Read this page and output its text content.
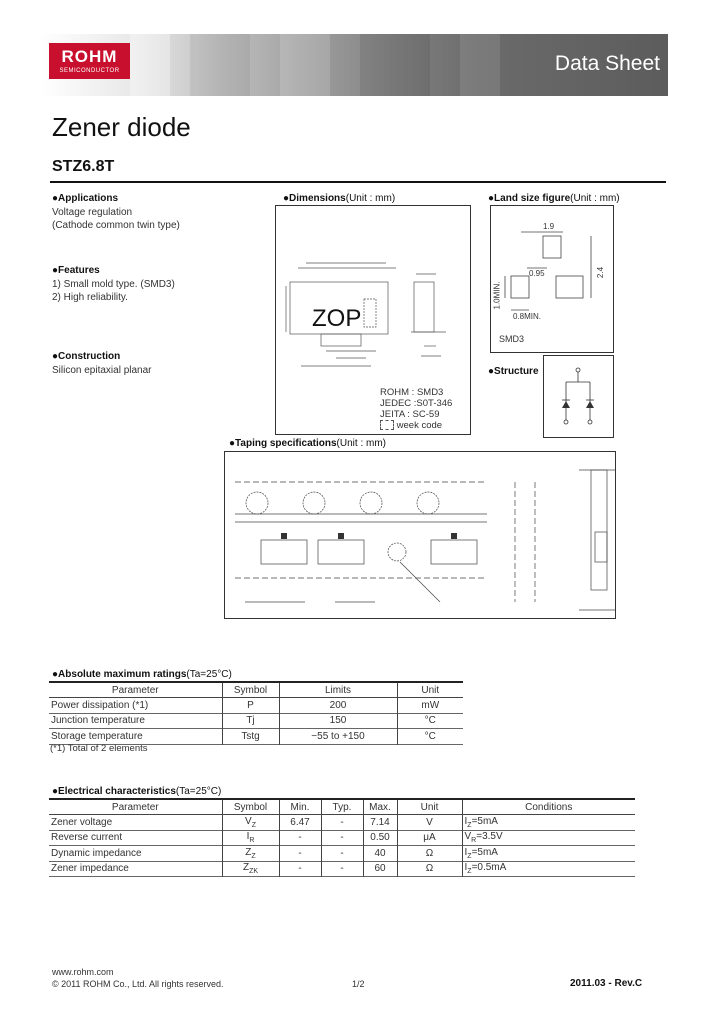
ROHM
SEMICONDUCTOR	Data Sheet
Zener diode
STZ6.8T
●Applications
Voltage regulation
(Cathode common twin type)
●Features
1) Small mold type. (SMD3)
2) High reliability.
●Construction
Silicon epitaxial planar
●Dimensions(Unit : mm)
ZOP
ROHM : SMD3
JEDEC :S0T-346
JEITA : SC-59
week code
●Land size figure(Unit : mm)
1.9
0.95	2.4
1.0MIN.
0.8MIN.
SMD3
●Structure
●Taping specifications(Unit : mm)
●Absolute maximum ratings(Ta=25°C)
Parameter	Symbol	Limits	Unit
Power dissipation (*1)	P	200	mW
Junction temperature	Tj	150	°C
Storage temperature	Tstg	−55 to +150	°C
(*1) Total of 2 elements
●Electrical characteristics(Ta=25°C)
Parameter	Symbol	Min.	Typ.	Max.	Unit	Conditions
Zener voltage	$V_Z$	6.47	-	7.14	V	$I_Z=5mA$
Reverse current	$I_R$	-	-	0.50	μA	$V_R=3.5V$
Dynamic impedance	$Z_Z$	-	-	40	Ω	$I_Z=5mA$
Zener impedance	$Z_{ZK}$	-	-	60	Ω	$I_Z=0.5mA$
www.rohm.com
© 2011 ROHM Co., Ltd. All rights reserved.	1/2	2011.03 - Rev.C
